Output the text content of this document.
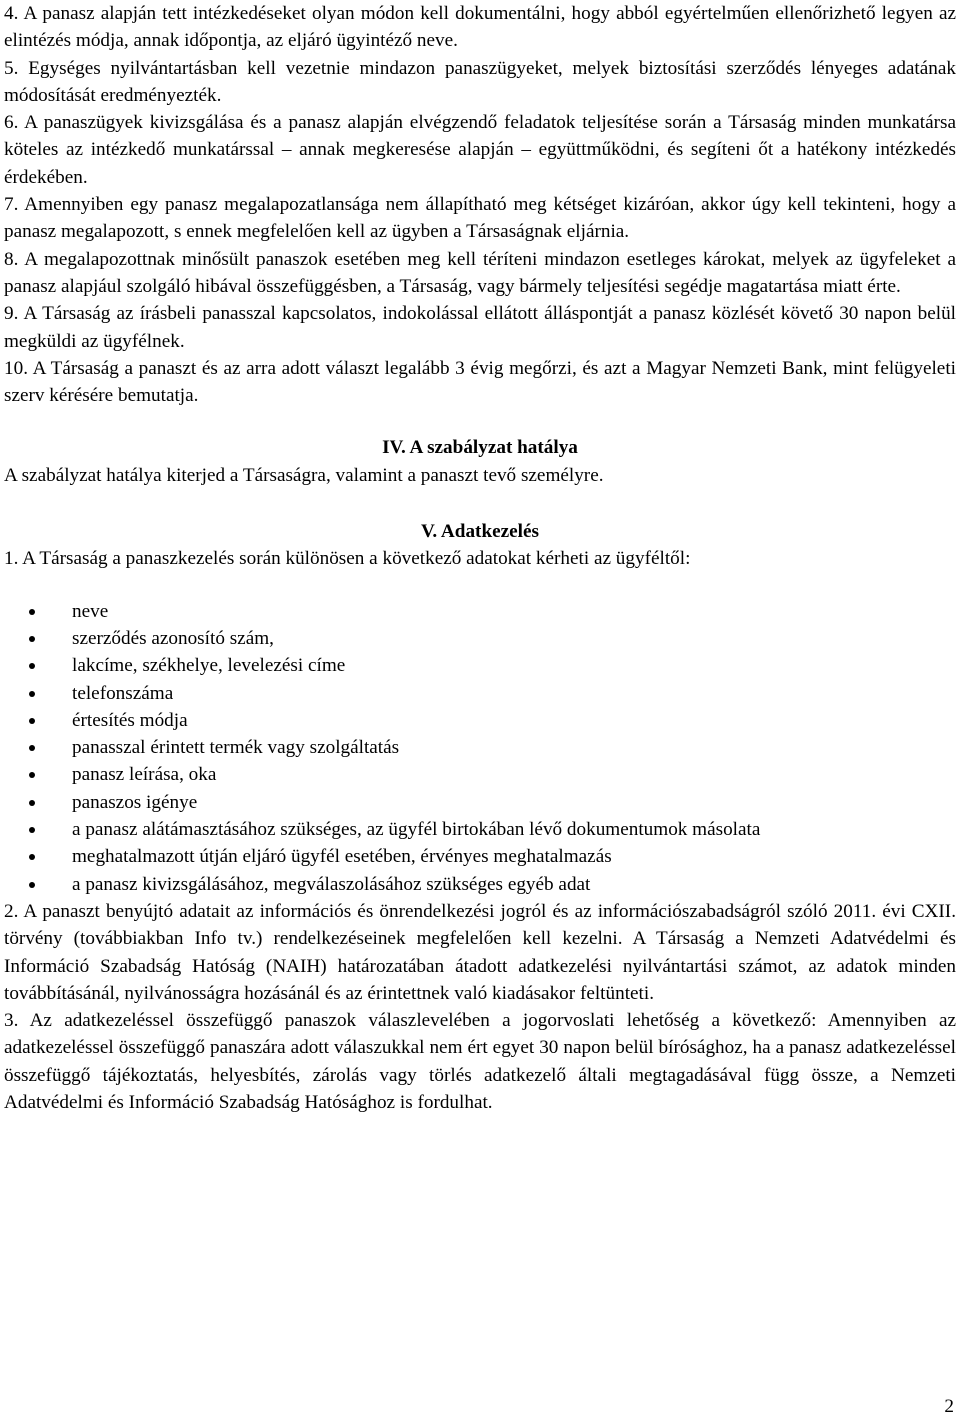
4. A panasz alapján tett intézkedéseket olyan módon kell dokumentálni, hogy abból egyértelműen ellenőrizhető legyen az elintézés módja, annak időpontja, az eljáró ügyintéző neve.

5. Egységes nyilvántartásban kell vezetnie mindazon panaszügyeket, melyek biztosítási szerződés lényeges adatának módosítását eredményezték.

6. A panaszügyek kivizsgálása és a panasz alapján elvégzendő feladatok teljesítése során a Társaság minden munkatársa köteles az intézkedő munkatárssal – annak megkeresése alapján – együttműködni, és segíteni őt a hatékony intézkedés érdekében.

7. Amennyiben egy panasz megalapozatlansága nem állapítható meg kétséget kizáróan, akkor úgy kell tekinteni, hogy a panasz megalapozott, s ennek megfelelően kell az ügyben a Társaságnak eljárnia.

8. A megalapozottnak minősült panaszok esetében meg kell téríteni mindazon esetleges károkat, melyek az ügyfeleket a panasz alapjául szolgáló hibával összefüggésben, a Társaság, vagy bármely teljesítési segédje magatartása miatt érte.

9. A Társaság az írásbeli panasszal kapcsolatos, indokolással ellátott álláspontját a panasz közlését követő 30 napon belül megküldi az ügyfélnek.

10. A Társaság a panaszt és az arra adott választ legalább 3 évig megőrzi, és azt a Magyar Nemzeti Bank, mint felügyeleti szerv kérésére bemutatja.

IV. A szabályzat hatálya

A szabályzat hatálya kiterjed a Társaságra, valamint a panaszt tevő személyre.

V. Adatkezelés

1. A Társaság a panaszkezelés során különösen a következő adatokat kérheti az ügyféltől:

neve
szerződés azonosító szám,
lakcíme, székhelye, levelezési címe
telefonszáma
értesítés módja
panasszal érintett termék vagy szolgáltatás
panasz leírása, oka
panaszos igénye
a panasz alátámasztásához szükséges, az ügyfél birtokában lévő dokumentumok másolata
meghatalmazott útján eljáró ügyfél esetében, érvényes meghatalmazás
a panasz kivizsgálásához, megválaszolásához szükséges egyéb adat

2. A panaszt benyújtó adatait az információs és önrendelkezési jogról és az információszabadságról szóló 2011. évi CXII. törvény (továbbiakban Info tv.) rendelkezéseinek megfelelően kell kezelni. A Társaság a Nemzeti Adatvédelmi és Információ Szabadság Hatóság (NAIH) határozatában átadott adatkezelési nyilvántartási számot, az adatok minden továbbításánál, nyilvánosságra hozásánál és az érintettnek való kiadásakor feltünteti.

3. Az adatkezeléssel összefüggő panaszok válaszlevelében a jogorvoslati lehetőség a következő: Amennyiben az adatkezeléssel összefüggő panaszára adott válaszukkal nem ért egyet 30 napon belül bírósághoz, ha a panasz adatkezeléssel összefüggő tájékoztatás, helyesbítés, zárolás vagy törlés adatkezelő általi megtagadásával függ össze, a Nemzeti Adatvédelmi és Információ Szabadság Hatósághoz is fordulhat.

2
